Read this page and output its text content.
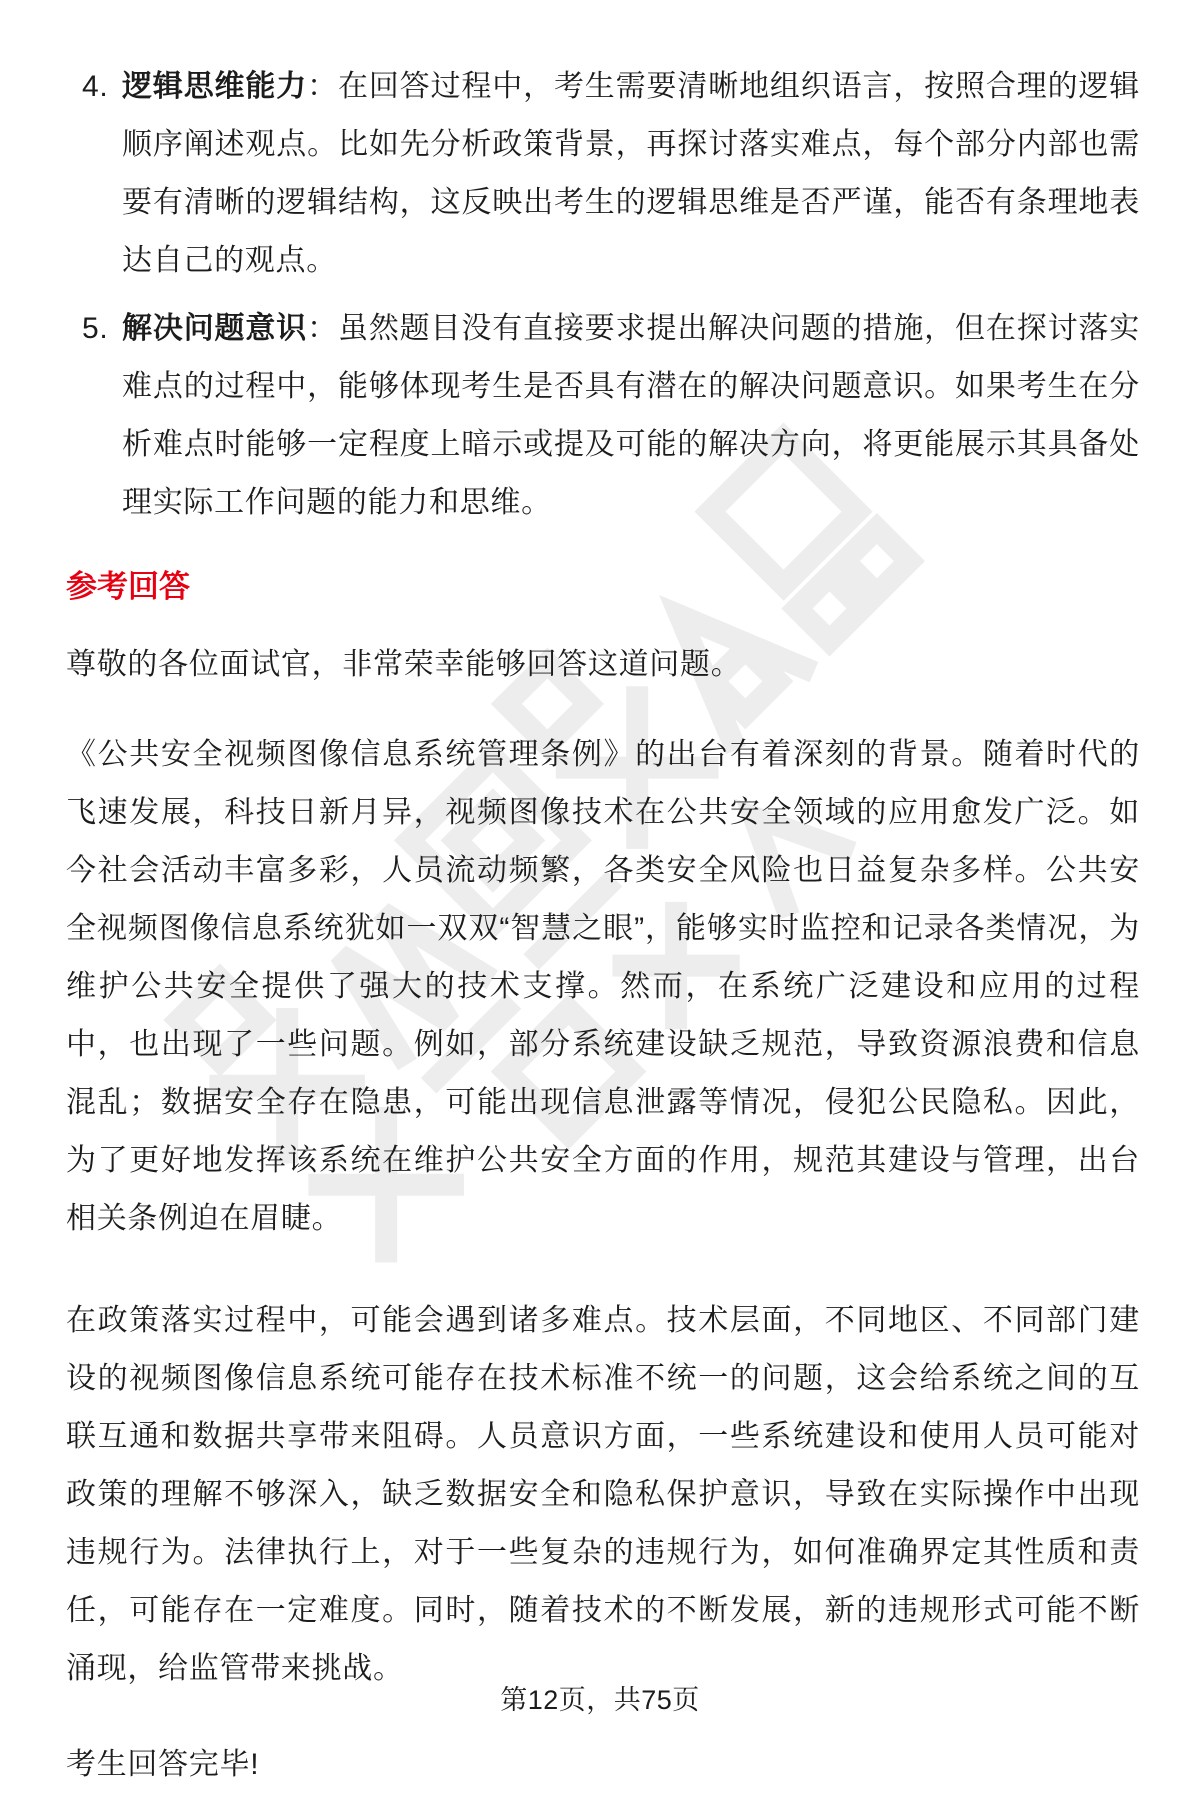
4. 逻辑思维能力：在回答过程中，考生需要清晰地组织语言，按照合理的逻辑顺序阐述观点。比如先分析政策背景，再探讨落实难点，每个部分内部也需要有清晰的逻辑结构，这反映出考生的逻辑思维是否严谨，能否有条理地表达自己的观点。
5. 解决问题意识：虽然题目没有直接要求提出解决问题的措施，但在探讨落实难点的过程中，能够体现考生是否具有潜在的解决问题意识。如果考生在分析难点时能够一定程度上暗示或提及可能的解决方向，将更能展示其具备处理实际工作问题的能力和思维。
参考回答

尊敬的各位面试官，非常荣幸能够回答这道问题。

《公共安全视频图像信息系统管理条例》的出台有着深刻的背景。随着时代的飞速发展，科技日新月异，视频图像技术在公共安全领域的应用愈发广泛。如今社会活动丰富多彩，人员流动频繁，各类安全风险也日益复杂多样。公共安全视频图像信息系统犹如一双双“智慧之眼”，能够实时监控和记录各类情况，为维护公共安全提供了强大的技术支撑。然而，在系统广泛建设和应用的过程中，也出现了一些问题。例如，部分系统建设缺乏规范，导致资源浪费和信息混乱；数据安全存在隐患，可能出现信息泄露等情况，侵犯公民隐私。因此，为了更好地发挥该系统在维护公共安全方面的作用，规范其建设与管理，出台相关条例迫在眉睫。

在政策落实过程中，可能会遇到诸多难点。技术层面，不同地区、不同部门建设的视频图像信息系统可能存在技术标准不统一的问题，这会给系统之间的互联互通和数据共享带来阻碍。人员意识方面，一些系统建设和使用人员可能对政策的理解不够深入，缺乏数据安全和隐私保护意识，导致在实际操作中出现违规行为。法律执行上，对于一些复杂的违规行为，如何准确界定其性质和责任，可能存在一定难度。同时，随着技术的不断发展，新的违规形式可能不断涌现，给监管带来挑战。

考生回答完毕!

第12页，共75页
